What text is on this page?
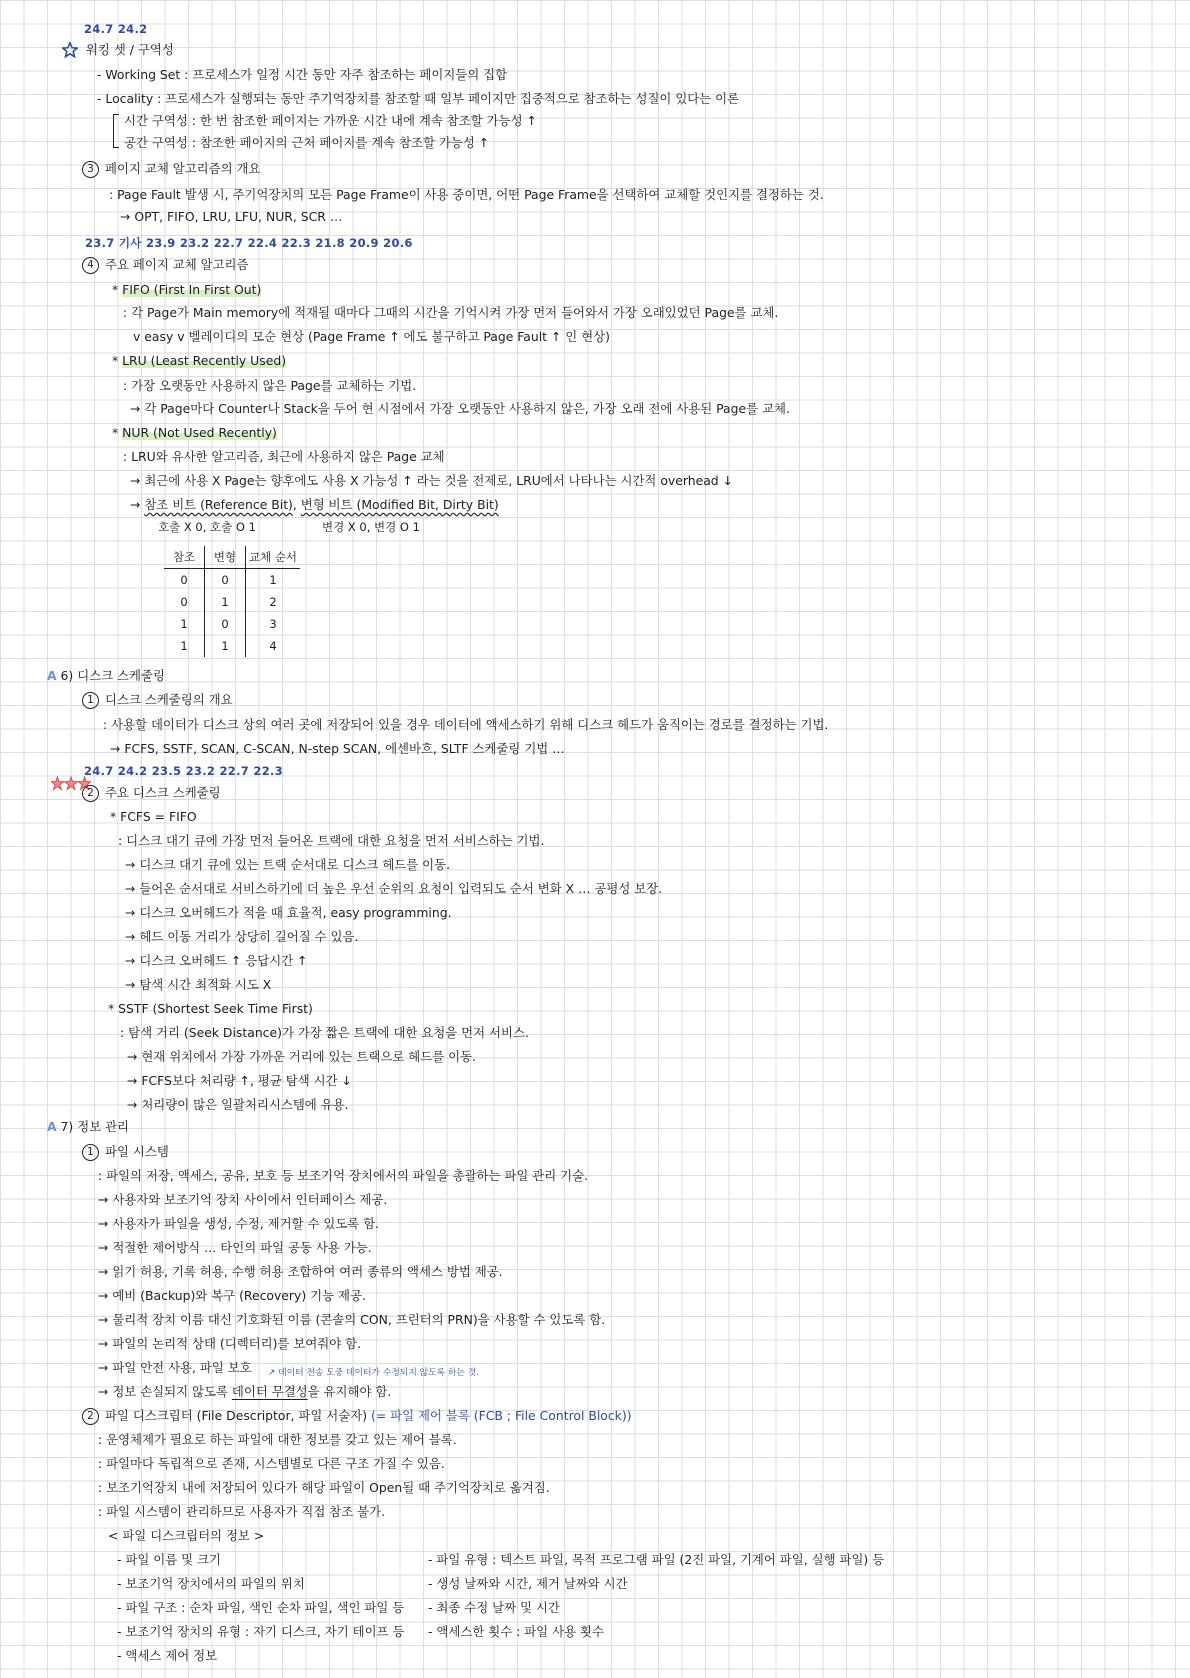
24.7 24.2
워킹 셋 / 구역성
- Working Set : 프로세스가 일정 시간 동안 자주 참조하는 페이지들의 집합
- Locality : 프로세스가 실행되는 동안 주기억장치를 참조할 때 일부 페이지만 집중적으로 참조하는 성질이 있다는 이론
시간 구역성 : 한 번 참조한 페이지는 가까운 시간 내에 계속 참조할 가능성 ↑
공간 구역성 : 참조한 페이지의 근처 페이지를 계속 참조할 가능성 ↑
3 페이지 교체 알고리즘의 개요
: Page Fault 발생 시, 주기억장치의 모든 Page Frame이 사용 중이면, 어떤 Page Frame을 선택하여 교체할 것인지를 결정하는 것.
→ OPT, FIFO, LRU, LFU, NUR, SCR …
23.7 기사 23.9 23.2 22.7 22.4 22.3 21.8 20.9 20.6
4 주요 페이지 교체 알고리즘
* FIFO (First In First Out)
: 각 Page가 Main memory에 적재될 때마다 그때의 시간을 기억시켜 가장 먼저 들어와서 가장 오래있었던 Page를 교체.
v easy v 벨레이디의 모순 현상 (Page Frame ↑ 에도 불구하고 Page Fault ↑ 인 현상)
* LRU (Least Recently Used)
: 가장 오랫동안 사용하지 않은 Page를 교체하는 기법.
→ 각 Page마다 Counter나 Stack을 두어 현 시점에서 가장 오랫동안 사용하지 않은, 가장 오래 전에 사용된 Page를 교체.
* NUR (Not Used Recently)
: LRU와 유사한 알고리즘, 최근에 사용하지 않은 Page 교체
→ 최근에 사용 X Page는 향후에도 사용 X 가능성 ↑ 라는 것을 전제로, LRU에서 나타나는 시간적 overhead ↓
→ 참조 비트 (Reference Bit), 변형 비트 (Modified Bit, Dirty Bit)
호출 X 0, 호출 O 1	변경 X 0, 변경 O 1
참조	변형	교체 순서
0	0	1
0	1	2
1	0	3
1	1	4
A 6) 디스크 스케줄링
1 디스크 스케줄링의 개요
: 사용할 데이터가 디스크 상의 여러 곳에 저장되어 있을 경우 데이터에 액세스하기 위해 디스크 헤드가 움직이는 경로를 결정하는 기법.
→ FCFS, SSTF, SCAN, C-SCAN, N-step SCAN, 에센바흐, SLTF 스케줄링 기법 …
24.7 24.2 23.5 23.2 22.7 22.3
2 주요 디스크 스케줄링
* FCFS = FIFO
: 디스크 대기 큐에 가장 먼저 들어온 트랙에 대한 요청을 먼저 서비스하는 기법.
→ 디스크 대기 큐에 있는 트랙 순서대로 디스크 헤드를 이동.
→ 들어온 순서대로 서비스하기에 더 높은 우선 순위의 요청이 입력되도 순서 변화 X … 공평성 보장.
→ 디스크 오버헤드가 적을 때 효율적, easy programming.
→ 헤드 이동 거리가 상당히 길어질 수 있음.
→ 디스크 오버헤드 ↑ 응답시간 ↑
→ 탐색 시간 최적화 시도 X
* SSTF (Shortest Seek Time First)
: 탐색 거리 (Seek Distance)가 가장 짧은 트랙에 대한 요청을 먼저 서비스.
→ 현재 위치에서 가장 가까운 거리에 있는 트랙으로 헤드를 이동.
→ FCFS보다 처리량 ↑, 평균 탐색 시간 ↓
→ 처리량이 많은 일괄처리시스템에 유용.
A 7) 정보 관리
1 파일 시스템
: 파일의 저장, 액세스, 공유, 보호 등 보조기억 장치에서의 파일을 총괄하는 파일 관리 기술.
→ 사용자와 보조기억 장치 사이에서 인터페이스 제공.
→ 사용자가 파일을 생성, 수정, 제거할 수 있도록 함.
→ 적절한 제어방식 … 타인의 파일 공동 사용 가능.
→ 읽기 허용, 기록 허용, 수행 허용 조합하여 여러 종류의 액세스 방법 제공.
→ 예비 (Backup)와 복구 (Recovery) 기능 제공.
→ 물리적 장치 이름 대신 기호화된 이름 (콘솔의 CON, 프린터의 PRN)을 사용할 수 있도록 함.
→ 파일의 논리적 상태 (디렉터리)를 보여줘야 함.
→ 파일 안전 사용, 파일 보호 ↗ 데이터 전송 도중 데이터가 수정되지 않도록 하는 것.
→ 정보 손실되지 않도록 데이터 무결성을 유지해야 함.
2 파일 디스크립터 (File Descriptor, 파일 서술자) (= 파일 제어 블록 (FCB ; File Control Block))
: 운영체제가 필요로 하는 파일에 대한 정보를 갖고 있는 제어 블록.
: 파일마다 독립적으로 존재, 시스템별로 다른 구조 가질 수 있음.
: 보조기억장치 내에 저장되어 있다가 해당 파일이 Open될 때 주기억장치로 옮겨짐.
: 파일 시스템이 관리하므로 사용자가 직접 참조 불가.
< 파일 디스크립터의 정보 >
- 파일 이름 및 크기
- 보조기억 장치에서의 파일의 위치
- 파일 구조 : 순차 파일, 색인 순차 파일, 색인 파일 등
- 보조기억 장치의 유형 : 자기 디스크, 자기 테이프 등
- 액세스 제어 정보
- 파일 유형 : 텍스트 파일, 목적 프로그램 파일 (2진 파일, 기계어 파일, 실행 파일) 등
- 생성 날짜와 시간, 제거 날짜와 시간
- 최종 수정 날짜 및 시간
- 액세스한 횟수 : 파일 사용 횟수
